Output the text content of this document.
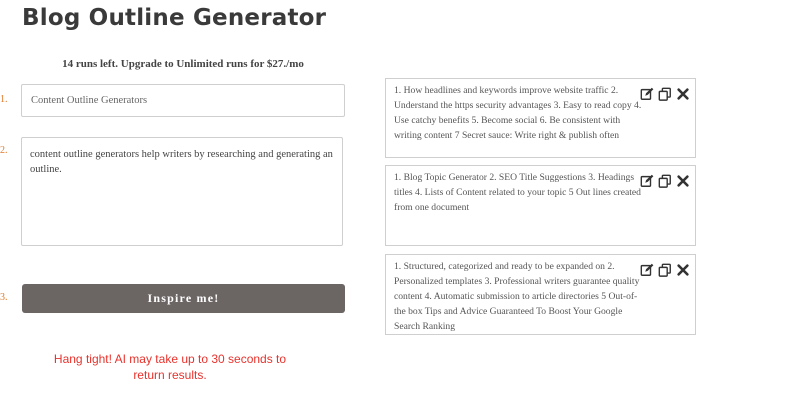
Blog Outline Generator
14 runs left. Upgrade to Unlimited runs for $27./mo
1.
Content Outline Generators
2.
content outline generators help writers by researching and generating an outline.
3.	Inspire me!
Hang tight! AI may take up to 30 seconds to return results.
1. How headlines and keywords improve website traffic 2. Understand the https security advantages 3. Easy to read copy 4. Use catchy benefits 5. Become social 6. Be consistent with writing content 7 Secret sauce: Write right & publish often
1. Blog Topic Generator 2. SEO Title Suggestions 3. Headings titles 4. Lists of Content related to your topic 5 Out lines created from one document
1. Structured, categorized and ready to be expanded on 2. Personalized templates 3. Professional writers guarantee quality content 4. Automatic submission to article directories 5 Out-of-the box Tips and Advice Guaranteed To Boost Your Google Search Ranking
